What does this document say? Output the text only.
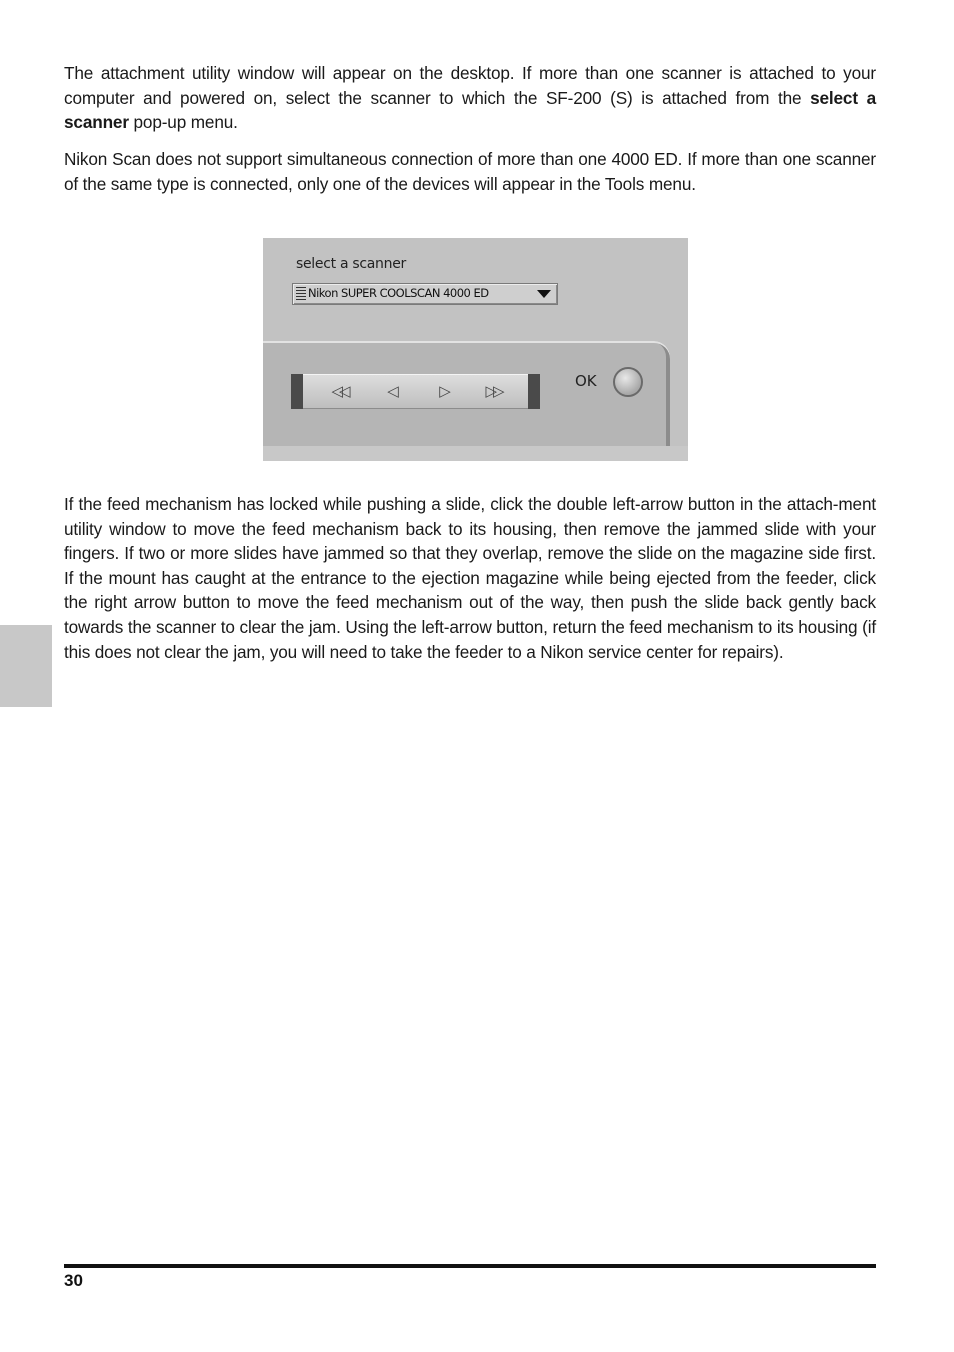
The attachment utility window will appear on the desktop. If more than one scanner is attached to your computer and powered on, select the scanner to which the SF-200 (S) is attached from the select a scanner pop-up menu.

Nikon Scan does not support simultaneous connection of more than one 4000 ED. If more than one scanner of the same type is connected, only one of the devices will appear in the Tools menu.

select a scanner
Nikon SUPER COOLSCAN 4000 ED
◁◁	◁	▷	▷▷
OK

If the feed mechanism has locked while pushing a slide, click the double left-arrow button in the attach-ment utility window to move the feed mechanism back to its housing, then remove the jammed slide with your fingers. If two or more slides have jammed so that they overlap, remove the slide on the magazine side first. If the mount has caught at the entrance to the ejection magazine while being ejected from the feeder, click the right arrow button to move the feed mechanism out of the way, then push the slide back gently back towards the scanner to clear the jam. Using the left-arrow button, return the feed mechanism to its housing (if this does not clear the jam, you will need to take the feeder to a Nikon service center for repairs).

30
